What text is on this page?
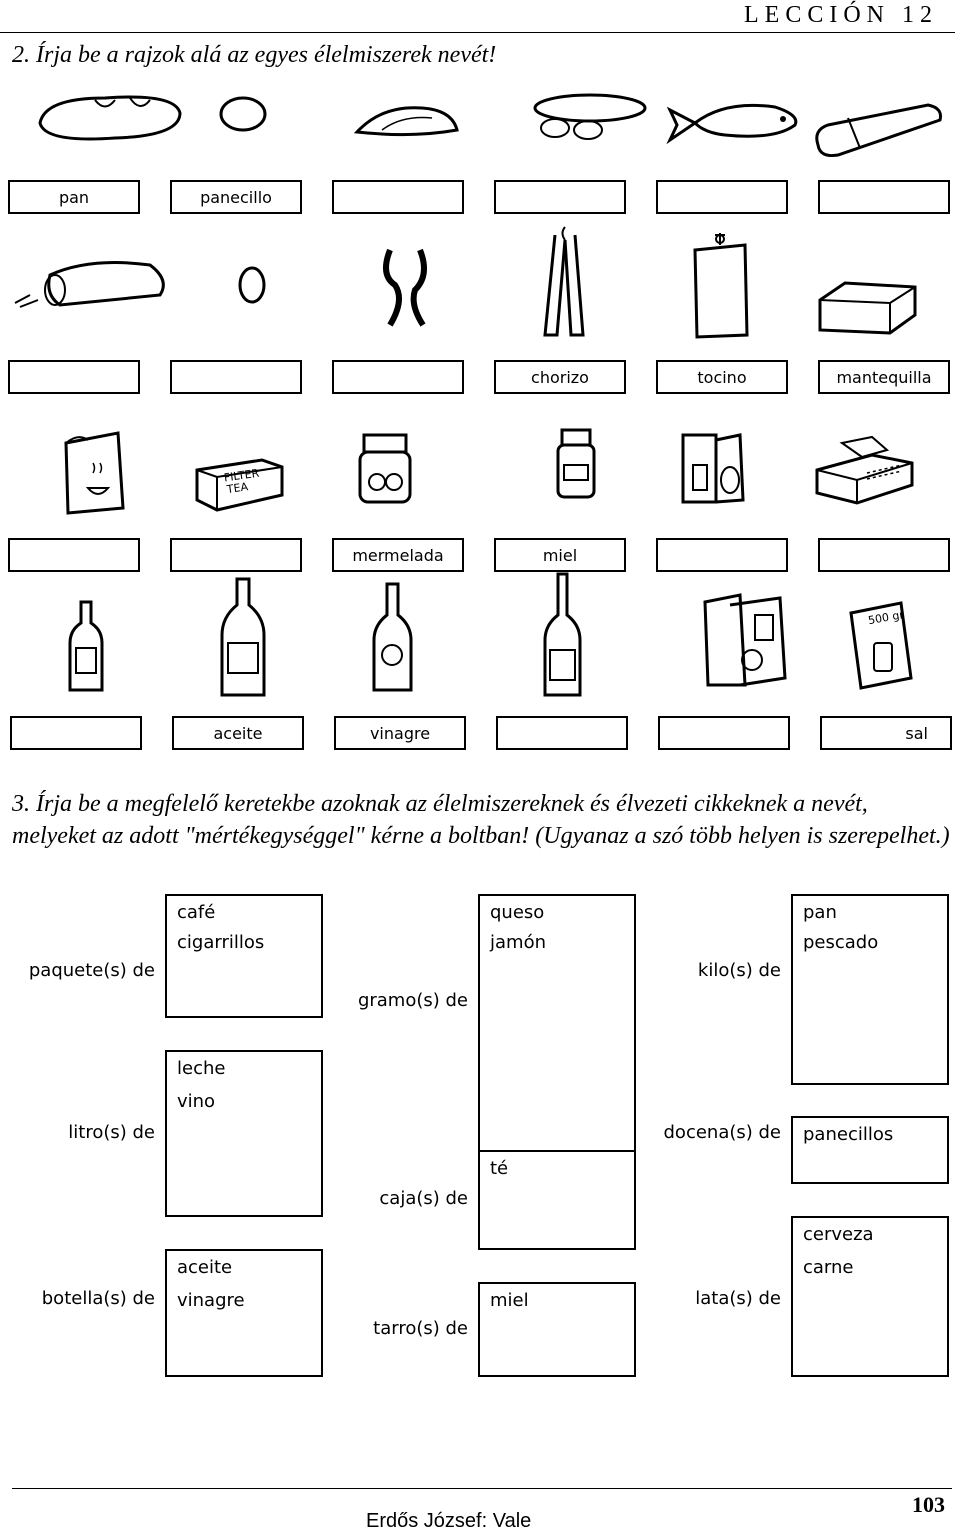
LECCIÓN 12
2. Írja be a rajzok alá az egyes élelmiszerek nevét!
pan	panecillo
chorizo	tocino	mantequilla
FILTER
TEA
mermelada	miel
500 gr
aceite	vinagre	sal
3. Írja be a megfelelő keretekbe azoknak az élelmiszereknek és élvezeti cikkeknek a nevét, melyeket az adott "mértékegységgel" kérne a boltban! (Ugyanaz a szó több helyen is szerepelhet.)
paquete(s) de
gramo(s) de
kilo(s) de
litro(s) de	docena(s) de
caja(s) de
botella(s) de
tarro(s) de
lata(s) de
café
cigarrillos
queso
jamón
pan
pescado
leche
vino
panecillos
té
aceite
vinagre	miel
cerveza
carne
Erdős József: Vale
103
